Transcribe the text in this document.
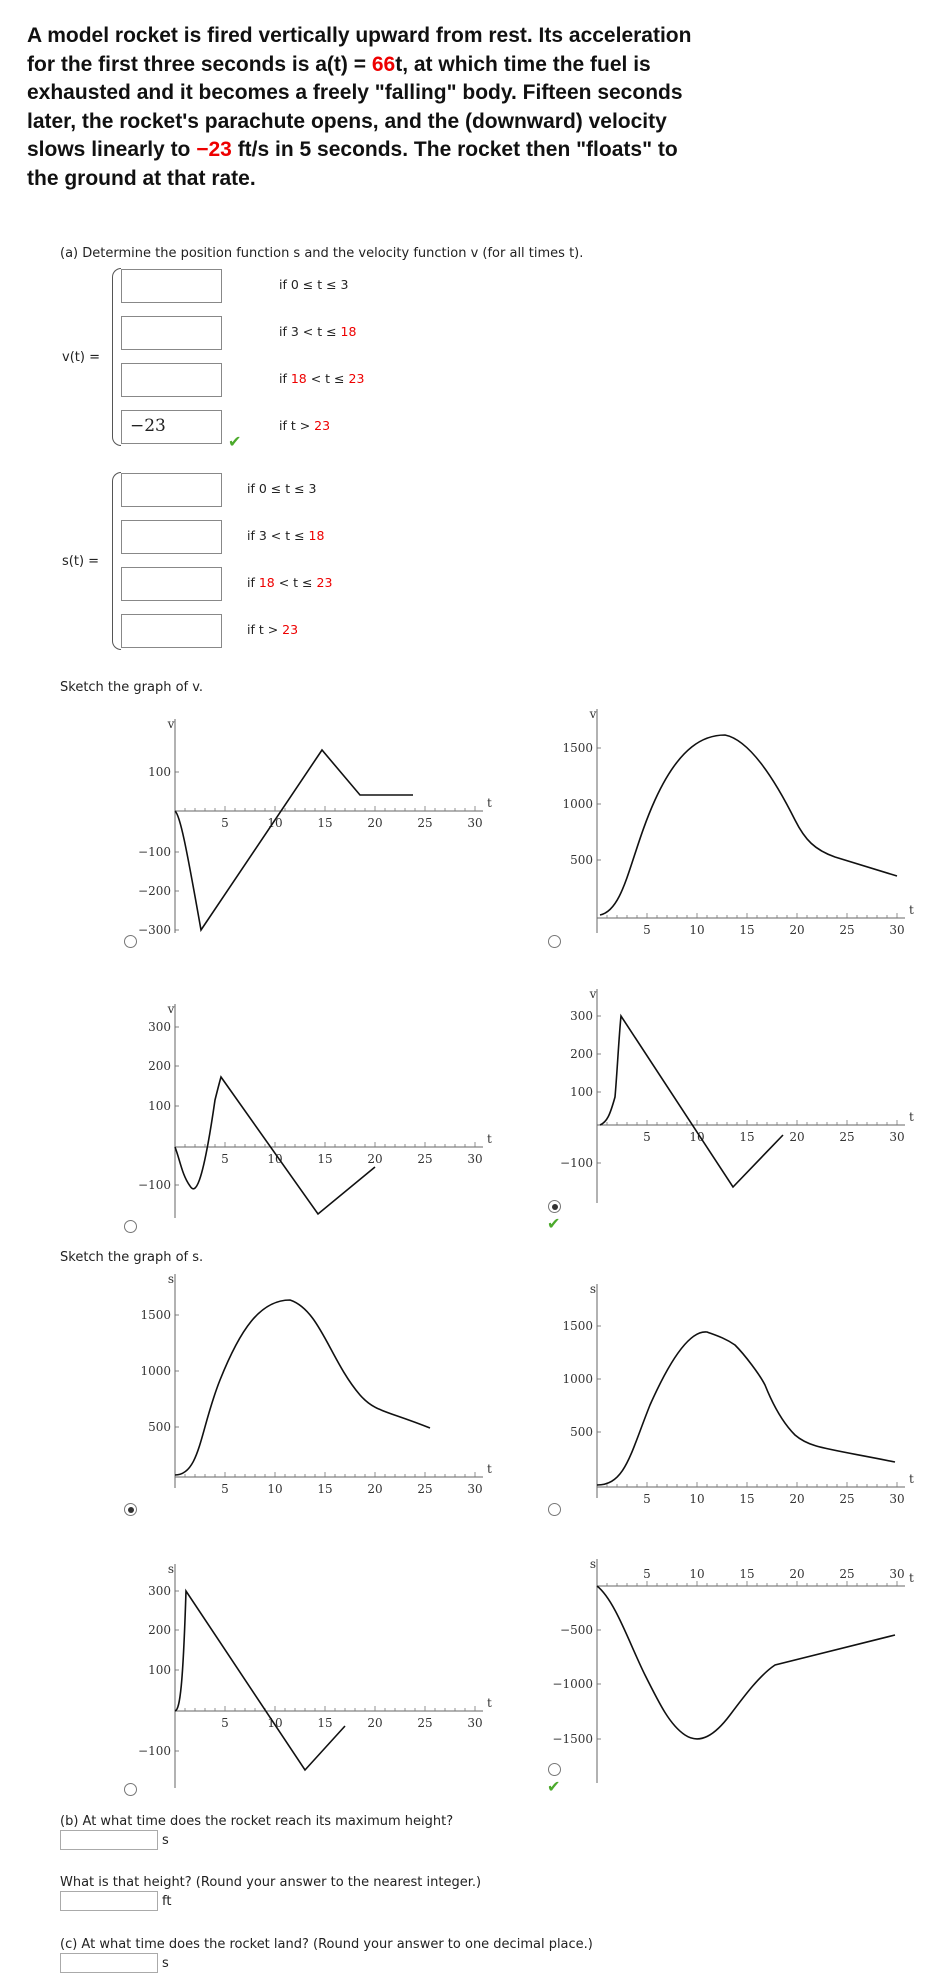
A model rocket is fired vertically upward from rest. Its acceleration for the first three seconds is a(t) = 66t, at which time the fuel is exhausted and it becomes a freely "falling" body. Fifteen seconds later, the rocket's parachute opens, and the (downward) velocity slows linearly to −23 ft/s in 5 seconds. The rocket then "floats" to the ground at that rate.
(a) Determine the position function s and the velocity function v (for all times t).
v(t) =
if 0 ≤ t ≤ 3
if 3 < t ≤ 18
if 18 < t ≤ 23
−23	if t > 23
✔
s(t) =
if 0 ≤ t ≤ 3
if 3 < t ≤ 18
if 18 < t ≤ 23
if t > 23
Sketch the graph of v.
Sketch the graph of s.
v
t
5	10	15	20	25	30
100
−100
−200
−300
v
t
5	10	15	20	25	30
1500
1000
500
v
t
5	10	15	20	25	30
300
200
100
−100
v
t
5	10	15	20	25	30
300
200
100
−100
✔
s
t
5	10	15	20	25	30
1500
1000
500
s
t
5	10	15	20	25	30
1500
1000
500
s
t
5	10	15	20	25	30
300
200
100
−100
s
t
5	10	15	20	25	30
−500
−1000
−1500
✔
(b) At what time does the rocket reach its maximum height?
s
What is that height? (Round your answer to the nearest integer.)
ft
(c) At what time does the rocket land? (Round your answer to one decimal place.)
s
